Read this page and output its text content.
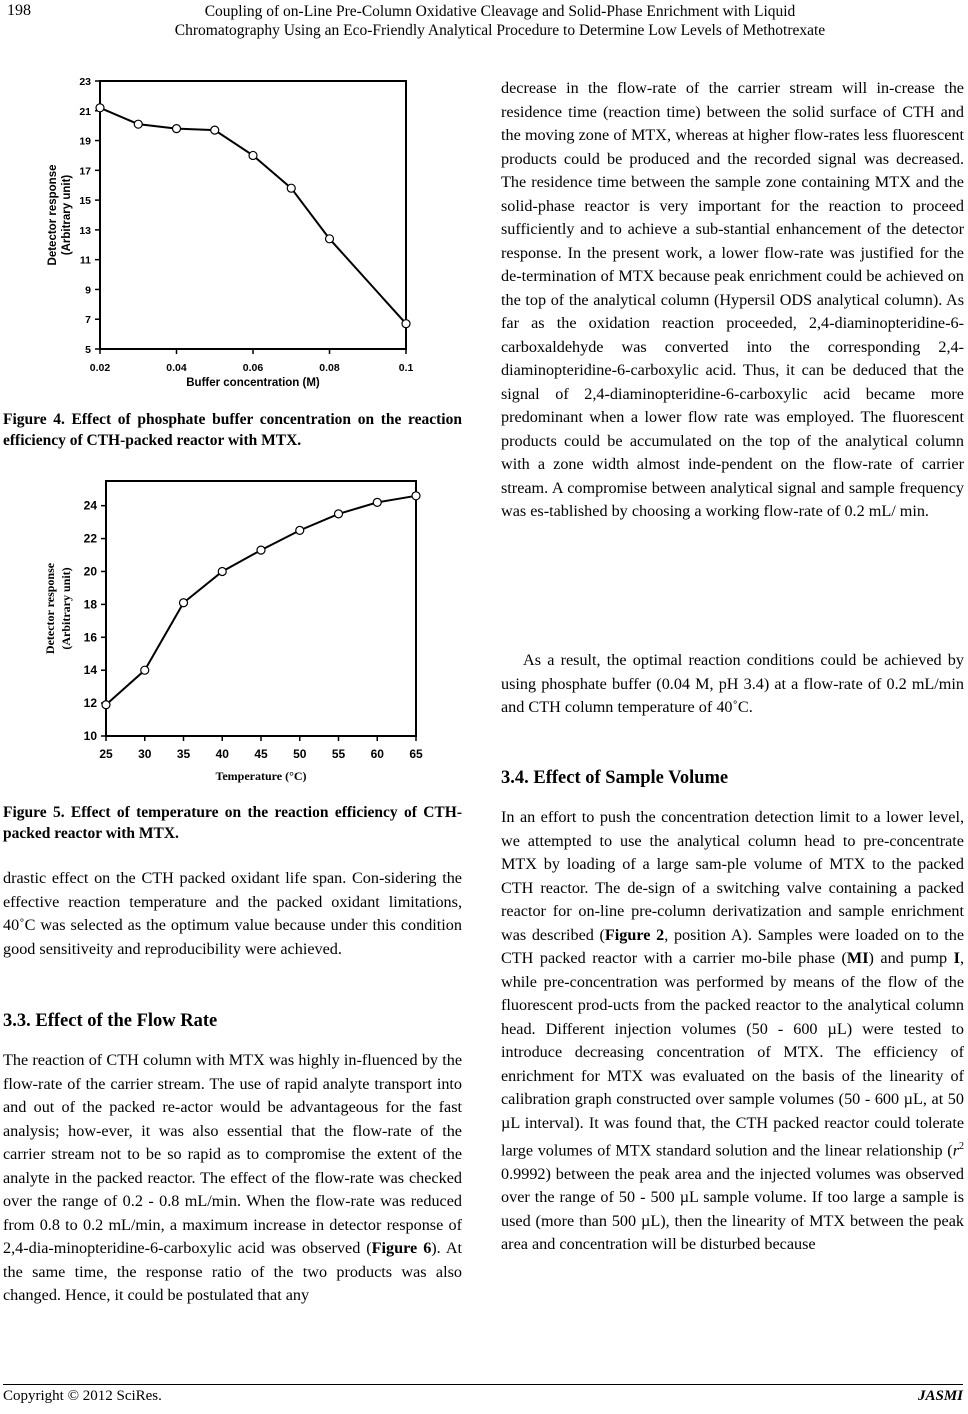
198	Coupling of on-Line Pre-Column Oxidative Cleavage and Solid-Phase Enrichment with Liquid
Chromatography Using an Eco-Friendly Analytical Procedure to Determine Low Levels of Methotrexate
0.02	0.04	0.06	0.08	0.1
5
7
9
11
13
15
17
19
21
23
Buffer concentration (M)
Detector response (Arbitrary unit)
Figure 4. Effect of phosphate buffer concentration on the reaction efficiency of CTH-packed reactor with MTX.
25 30 35 40 45 50 55 60 65
10
12
14
16
18
20
22
24
Temperature (°C)
Detector response (Arbitrary unit)
Figure 5. Effect of temperature on the reaction efficiency of CTH-packed reactor with MTX.
drastic effect on the CTH packed oxidant life span. Con-sidering the effective reaction temperature and the packed oxidant limitations, 40˚C was selected as the optimum value because under this condition good sensitiveity and reproducibility were achieved.
3.3. Effect of the Flow Rate
The reaction of CTH column with MTX was highly in-fluenced by the flow-rate of the carrier stream. The use of rapid analyte transport into and out of the packed re-actor would be advantageous for the fast analysis; how-ever, it was also essential that the flow-rate of the carrier stream not to be so rapid as to compromise the extent of the analyte in the packed reactor. The effect of the flow-rate was checked over the range of 0.2 - 0.8 mL/min. When the flow-rate was reduced from 0.8 to 0.2 mL/min, a maximum increase in detector response of 2,4-dia-minopteridine-6-carboxylic acid was observed (Figure 6). At the same time, the response ratio of the two products was also changed. Hence, it could be postulated that any
decrease in the flow-rate of the carrier stream will in-crease the residence time (reaction time) between the solid surface of CTH and the moving zone of MTX, whereas at higher flow-rates less fluorescent products could be produced and the recorded signal was decreased. The residence time between the sample zone containing MTX and the solid-phase reactor is very important for the reaction to proceed sufficiently and to achieve a sub-stantial enhancement of the detector response. In the present work, a lower flow-rate was justified for the de-termination of MTX because peak enrichment could be achieved on the top of the analytical column (Hypersil ODS analytical column). As far as the oxidation reaction proceeded, 2,4-diaminopteridine-6-carboxaldehyde was converted into the corresponding 2,4-diaminopteridine-6-carboxylic acid. Thus, it can be deduced that the signal of 2,4-diaminopteridine-6-carboxylic acid became more predominant when a lower flow rate was employed. The fluorescent products could be accumulated on the top of the analytical column with a zone width almost inde-pendent on the flow-rate of carrier stream. A compromise between analytical signal and sample frequency was es-tablished by choosing a working flow-rate of 0.2 mL/ min.
As a result, the optimal reaction conditions could be achieved by using phosphate buffer (0.04 M, pH 3.4) at a flow-rate of 0.2 mL/min and CTH column temperature of 40˚C.
3.4. Effect of Sample Volume
In an effort to push the concentration detection limit to a lower level, we attempted to use the analytical column head to pre-concentrate MTX by loading of a large sam-ple volume of MTX to the packed CTH reactor. The de-sign of a switching valve containing a packed reactor for on-line pre-column derivatization and sample enrichment was described (Figure 2, position A). Samples were loaded on to the CTH packed reactor with a carrier mo-bile phase (MI) and pump I, while pre-concentration was performed by means of the flow of the fluorescent prod-ucts from the packed reactor to the analytical column head. Different injection volumes (50 - 600 µL) were tested to introduce decreasing concentration of MTX. The efficiency of enrichment for MTX was evaluated on the basis of the linearity of calibration graph constructed over sample volumes (50 - 600 µL, at 50 µL interval). It was found that, the CTH packed reactor could tolerate large volumes of MTX standard solution and the linear relationship ($r^2$ 0.9992) between the peak area and the injected volumes was observed over the range of 50 - 500 µL sample volume. If too large a sample is used (more than 500 µL), then the linearity of MTX between the peak area and concentration will be disturbed because
Copyright © 2012 SciRes.	JASMI
